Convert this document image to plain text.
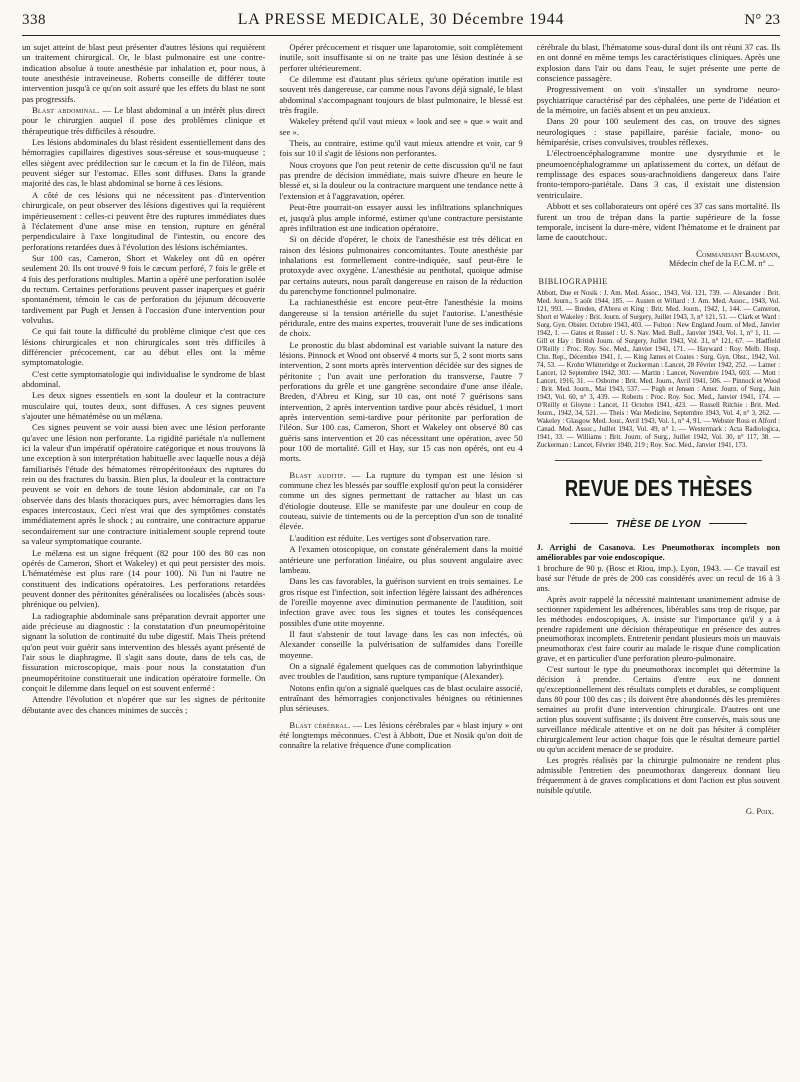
338	LA PRESSE MEDICALE, 30 Décembre 1944	N° 23

un sujet atteint de blast peut présenter d'autres lésions qui requièrent un traitement chirurgical. Or, le blast pulmonaire est une contre-indication absolue à toute anesthésie par inhalation et, pour nous, à toute anesthésie intraveineuse. Roberts conseille de différer toute intervention jusqu'à ce qu'on soit assuré que les effets du blast ne sont pas progressifs.

Blast abdominal. — Le blast abdominal a un intérêt plus direct pour le chirurgien auquel il pose des problèmes clinique et thérapeutique très difficiles à résoudre.

Les lésions abdominales du blast résident essentiellement dans des hémorragies capillaires digestives sous-séreuse et sous-muqueuse ; elles siègent avec prédilection sur le cæcum et la fin de l'iléon, mais peuvent siéger sur l'estomac. Elles sont diffuses. Dans la grande majorité des cas, le blast abdominal se borne à ces lésions.

A côté de ces lésions qui ne nécessitent pas d'intervention chirurgicale, on peut observer des lésions digestives qui la requièrent impérieusement : celles-ci peuvent être des ruptures immédiates dues à l'éclatement d'une anse mise en tension, rupture en général perpendiculaire à l'axe longitudinal de l'intestin, ou encore des perforations retardées dues à l'évolution des lésions ischémiantes.

Sur 100 cas, Cameron, Short et Wakeley ont dû en opérer seulement 20. Ils ont trouvé 9 fois le cæcum perforé, 7 fois le grêle et 4 fois des perforations multiples. Martin a opéré une perforation isolée du rectum. Certaines perforations peuvent passer inaperçues et guérir spontanément, témoin le cas de perforation du jéjunum découverte tardivement par Pugh et Jensen à l'occasion d'une intervention pour volvulus.

Ce qui fait toute la difficulté du problème clinique c'est que ces lésions chirurgicales et non chirurgicales sont très difficiles à différencier précocement, car au début elles ont la même symptomatologie.

C'est cette symptomatologie qui individualise le syndrome de blast abdominal.

Les deux signes essentiels en sont la douleur et la contracture musculaire qui, toutes deux, sont diffuses. A ces signes peuvent s'ajouter une hématémèse ou un mélæna.

Ces signes peuvent se voir aussi bien avec une lésion perforante qu'avec une lésion non perforante. La rigidité pariétale n'a nullement ici la valeur d'un impératif opératoire catégorique et nous trouvons là une exception à son interprétation habituelle avec laquelle nous a déjà familiarisés l'étude des hématomes rétropéritonéaux des ruptures du rein ou des fractures du bassin. Bien plus, la douleur et la contracture peuvent se voir en dehors de toute lésion abdominale, car on l'a observée dans des blasts thoraciques purs, avec hémorragies dans les espaces intercostaux. Ceci n'est vrai que des symptômes constatés immédiatement après le shock ; au contraire, une contracture apparue secondairement sur une contracture initialement souple reprend toute sa valeur symptomatique courante.

Le mélæna est un signe fréquent (82 pour 100 des 80 cas non opérés de Cameron, Short et Wakeley) et qui peut persister des mois. L'hématémèse est plus rare (14 pour 100). Ni l'un ni l'autre ne constituent des indications opératoires. Les perforations retardées peuvent donner des péritonites généralisées ou localisées (abcès sous-phrénique ou pelvien).

La radiographie abdominale sans préparation devrait apporter une aide précieuse au diagnostic : la constatation d'un pneumopéritoine signant la solution de continuité du tube digestif. Mais Theis prétend qu'on peut voir guérir sans intervention des blessés ayant présenté de l'air sous le diaphragme. Il s'agit sans doute, dans de tels cas, de fissuration microscopique, mais pour nous la constatation d'un pneumopéritoine constituerait une indication opératoire formelle. On conçoit le dilemme dans lequel on est souvent enfermé :

Attendre l'évolution et n'opérer que sur les signes de péritonite débutante avec des chances minimes de succès ;

Opérer précocement et risquer une laparotomie, soit complètement inutile, soit insuffisante si on ne traite pas une lésion destinée à se perforer ultérieurement.

Ce dilemme est d'autant plus sérieux qu'une opération inutile est souvent très dangereuse, car comme nous l'avons déjà signalé, le blast abdominal s'accompagnant toujours de blast pulmonaire, le blessé est très fragile.

Wakeley prétend qu'il vaut mieux « look and see » que « wait and see ».

Theis, au contraire, estime qu'il vaut mieux attendre et voir, car 9 fois sur 10 il s'agit de lésions non perforantes.

Nous croyons que l'on peut retenir de cette discussion qu'il ne faut pas prendre de décision immédiate, mais suivre d'heure en heure le blessé et, si la douleur ou la contracture marquent une tendance nette à l'extension et à l'aggravation, opérer.

Peut-être pourrait-on essayer aussi les infiltrations splanchniques et, jusqu'à plus ample informé, estimer qu'une contracture persistante après infiltration est une indication opératoire.

Si on décide d'opérer, le choix de l'anesthésie est très délicat en raison des lésions pulmonaires concomitantes. Toute anesthésie par inhalations est formellement contre-indiquée, sauf peut-être le protoxyde avec oxygène. L'anesthésie au penthotal, quoique admise par certains auteurs, nous paraît dangereuse en raison de la réduction du parenchyme fonctionnel pulmonaire.

La rachianesthésie est encore peut-être l'anesthésie la moins dangereuse si la tension artérielle du sujet l'autorise. L'anesthésie péridurale, entre des mains expertes, trouverait l'une de ses indications de choix.

Le pronostic du blast abdominal est variable suivant la nature des lésions. Pinnock et Wood ont observé 4 morts sur 5, 2 sont morts sans intervention, 2 sont morts après intervention décidée sur des signes de péritonite ; l'un avait une perforation du transverse, l'autre 7 perforations du grêle et une gangrène secondaire d'une anse iléale. Breden, d'Abreu et King, sur 10 cas, ont noté 7 guérisons sans intervention, 2 après intervention tardive pour abcès résiduel, 1 mort après intervention semi-tardive pour péritonite par perforation de l'iléon. Sur 100 cas, Cameron, Short et Wakeley ont observé 80 cas guéris sans intervention et 20 cas nécessitant une opération, avec 50 pour 100 de mortalité. Gill et Hay, sur 15 cas non opérés, ont eu 4 morts.

Blast auditif. — La rupture du tympan est une lésion si commune chez les blessés par souffle explosif qu'on peut la considérer comme un des signes permettant de rattacher au blast un cas d'étiologie douteuse. Elle se manifeste par une douleur en coup de couteau, suivie de tintements ou de la perception d'un son de tonalité élevée.

L'audition est réduite. Les vertiges sont d'observation rare.

A l'examen otoscopique, on constate généralement dans la moitié antérieure une perforation linéaire, ou plus souvent angulaire avec lambeau.

Dans les cas favorables, la guérison survient en trois semaines. Le gros risque est l'infection, soit infection légère laissant des adhérences de l'oreille moyenne avec diminution permanente de l'audition, soit infection grave avec tous les signes et toutes les conséquences possibles d'une otite moyenne.

Il faut s'abstenir de tout lavage dans les cas non infectés, où Alexander conseille la pulvérisation de sulfamides dans l'oreille moyenne.

On a signalé également quelques cas de commotion labyrinthique avec troubles de l'audition, sans rupture tympanique (Alexander).

Notons enfin qu'on a signalé quelques cas de blast oculaire associé, entraînant des hémorragies conjonctivales bénignes ou rétiniennes plus sérieuses.

Blast cérébral. — Les lésions cérébrales par « blast injury » ont été longtemps méconnues. C'est à Abbott, Due et Nosik qu'on doit de connaître la relative fréquence d'une complication

cérébrale du blast, l'hématome sous-dural dont ils ont réuni 37 cas. Ils en ont donné en même temps les caractéristiques cliniques. Après une explosion dans l'air ou dans l'eau, le sujet présente une perte de conscience passagère.

Progressivement on voit s'installer un syndrome neuro-psychiatrique caractérisé par des céphalées, une perte de l'idéation et de la mémoire, un faciès absent et un peu anxieux.

Dans 20 pour 100 seulement des cas, on trouve des signes neurologiques : stase papillaire, parésie faciale, mono- ou hémiparésie, crises convulsives, troubles réflexes.

L'électroencéphalogramme montre une dysrythmie et le pneumoencéphalogramme un aplatissement du cortex, un défaut de remplissage des espaces sous-arachnoïdiens dangereux dans l'aire fronto-temporo-pariétale. Dans 3 cas, il existait une distension ventriculaire.

Abbott et ses collaborateurs ont opéré ces 37 cas sans mortalité. Ils furent un trou de trépan dans la partie supérieure de la fosse temporale, incisent la dure-mère, vident l'hématome et le drainent par lame de caoutchouc.

Commandant Baumann,
Médecin chef de la F.C.M. n° ...
BIBLIOGRAPHIE
Abbott, Due et Nosik : J. Am. Med. Assoc., 1943, Vol. 121, 739. — Alexander : Brit. Med. Journ., 5 août 1944, 185. — Austen et Willard : J. Am. Med. Assoc., 1943, Vol. 121, 993. — Breden, d'Abreu et King : Brit. Med. Journ., 1942, 1, 144. — Cameron, Short et Wakeley : Brit. Journ. of Surgery, Juillet 1943, 3, n° 121, 51. — Clark et Ward : Surg. Gyn. Obstet. Octobre 1943, 403. — Fulton : New England Journ. of Med., Janvier 1942, 1. — Gates et Russel : U. S. Nav. Med. Bull., Janvier 1943, Vol. 1, n° 1, 11. — Gill et Hay : British Journ. of Surgery, Juillet 1943, Vol. 31, n° 121, 67. — Hadfield O'Reilly : Proc. Roy. Soc. Med., Janvier 1941, 171. — Hayward : Roy. Melb. Hosp. Clin. Rep., Décembre 1941, 1. — King James et Coates : Surg. Gyn. Obst., 1942, Vol. 74, 53. — Krohn Whitteridge et Zuckerman : Lancet, 28 Février 1942, 252. — Latner : Lancet, 12 Septembre 1942, 303. — Martin : Lancet, Novembre 1943, 603. — Mott : Lancet, 1916, 31. — Osborne : Brit. Med. Journ., Avril 1941, 506. — Pinnock et Wood : Brit. Med. Journ., Mai 1943, 537. — Pugh et Jensen : Amer. Journ. of Surg., Juin 1943, Vol. 60, n° 3, 439. — Roberts : Proc. Roy. Soc. Med., Janvier 1941, 174. — O'Reilly et Gloyne : Lancet, 11 Octobre 1941, 423. — Russell Ritchie : Brit. Med. Journ., 1942, 34, 521. — Theis : War Medicine, Septembre 1943, Vol. 4, n° 3, 262. — Wakeley : Glasgow Med. Jour., Avril 1943, Vol. 1, n° 4, 91. — Webster Ross et Alford : Canad. Med. Assoc., Juillet 1943, Vol. 49, n° 1. — Westermark : Acta Radiologica, 1941, 33. — Williams : Brit. Journ. of Surg., Juillet 1942, Vol. 30, n° 117, 38. — Zuckerman : Lancet, Février 1940, 219 ; Roy. Soc. Med., Janvier 1941, 173.
REVUE DES THÈSES
THÈSE DE LYON

J. Arrighi de Casanova. Les Pneumothorax incomplets non améliorables par voie endoscopique.

1 brochure de 90 p. (Bosc et Riou, imp.). Lyon, 1943. — Ce travail est basé sur l'étude de près de 200 cas considérés avec un recul de 16 à 3 ans.

Après avoir rappelé la nécessité maintenant unanimement admise de sectionner rapidement les adhérences, libérables sans trop de risque, par les méthodes endoscopiques, A. insiste sur l'importance qu'il y a à prendre rapidement une décision thérapeutique en présence des autres pneumothorax incomplets. Entretenir pendant plusieurs mois un mauvais pneumothorax c'est faire courir au malade le risque d'une complication grave, et en particulier d'une perforation pleuro-pulmonaire.

C'est surtout le type du pneumothorax incomplet qui détermine la décision à prendre. Certains d'entre eux ne donnent qu'exceptionnellement des résultats complets et durables, se compliquent dans 80 pour 100 des cas ; ils doivent être abandonnés dès les premières semaines au profit d'une intervention chirurgicale. D'autres ont une action plus souvent suffisante ; ils doivent être conservés, mais sous une surveillance médicale attentive et on ne doit pas hésiter à compléter chirurgicalement leur action chaque fois que le résultat demeure partiel ou qu'un accident menace de se produire.

Les progrès réalisés par la chirurgie pulmonaire ne rendent plus admissible l'entretien des pneumothorax dangereux donnant lieu fréquemment à de graves complications et dont l'action est plus souvent nuisible qu'utile.

G. Poix.
